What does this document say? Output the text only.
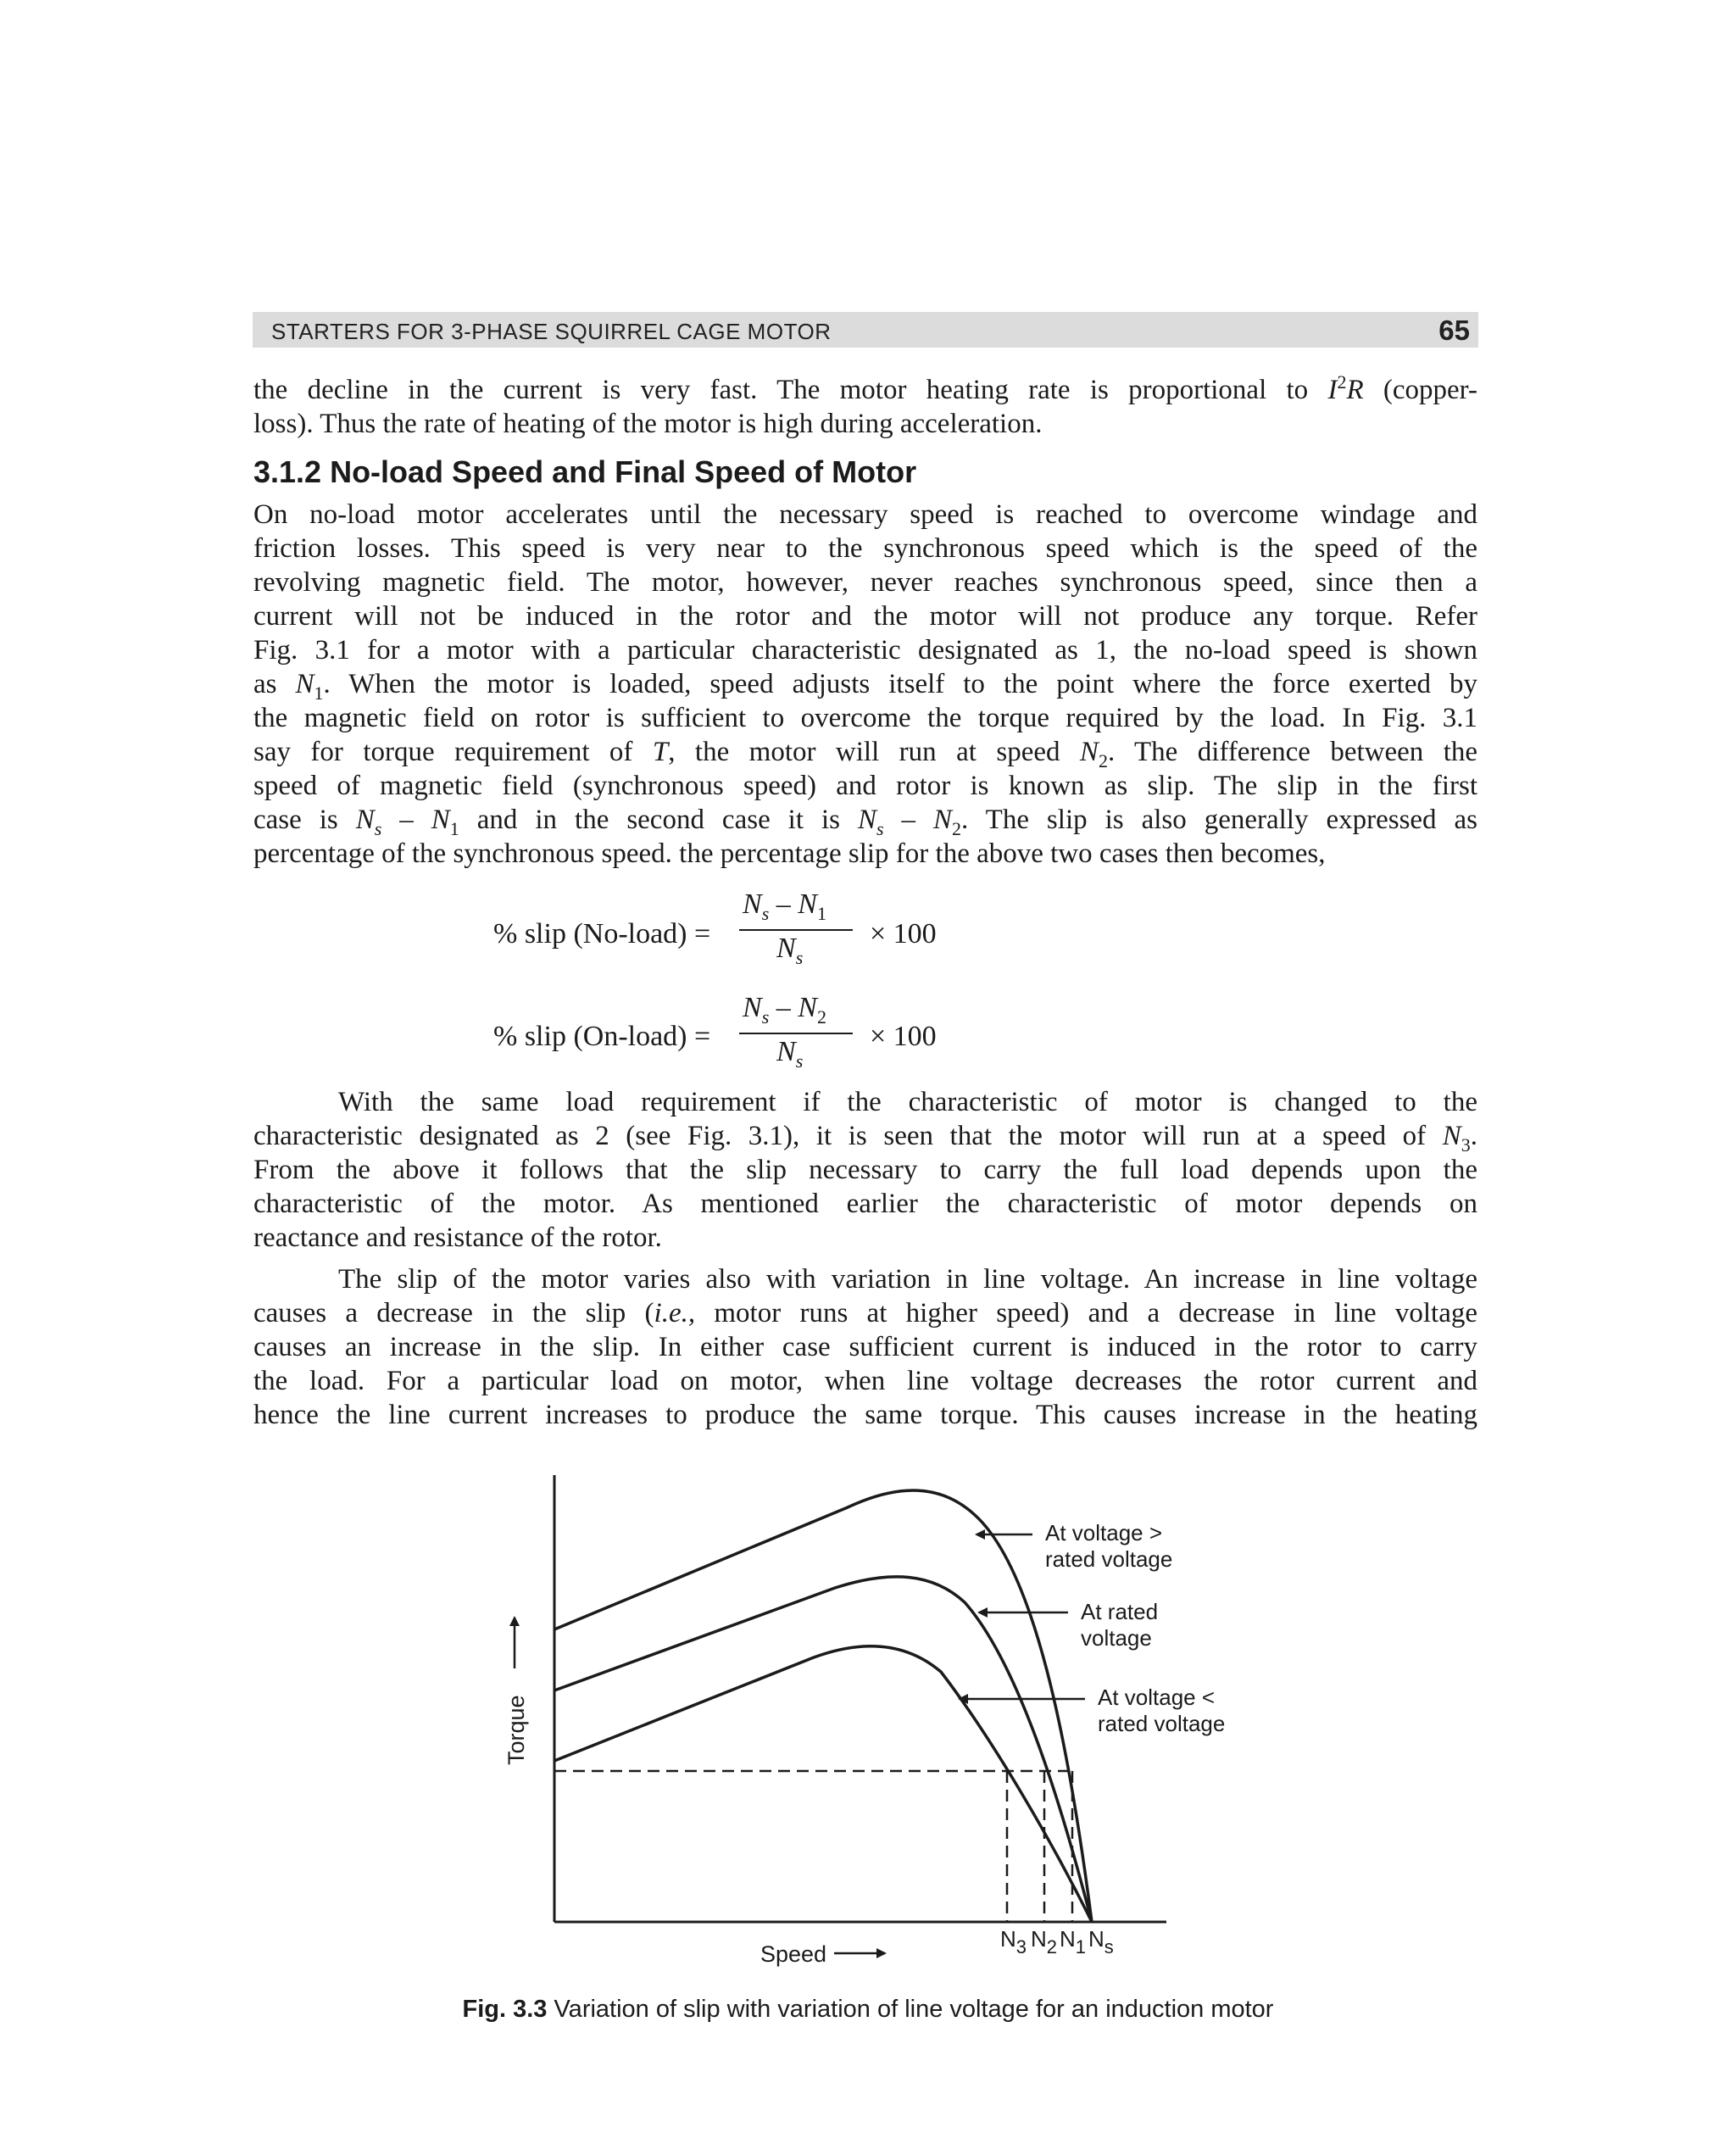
STARTERS FOR 3-PHASE SQUIRREL CAGE MOTOR	65
the decline in the current is very fast. The motor heating rate is proportional to $I^2R$ (copper-
loss). Thus the rate of heating of the motor is high during acceleration.
3.1.2 No-load Speed and Final Speed of Motor
On no-load motor accelerates until the necessary speed is reached to overcome windage and
friction losses. This speed is very near to the synchronous speed which is the speed of the
revolving magnetic field. The motor, however, never reaches synchronous speed, since then a
current will not be induced in the rotor and the motor will not produce any torque. Refer
Fig. 3.1 for a motor with a particular characteristic designated as 1, the no-load speed is shown
as $N_1$. When the motor is loaded, speed adjusts itself to the point where the force exerted by
the magnetic field on rotor is sufficient to overcome the torque required by the load. In Fig. 3.1
say for torque requirement of T, the motor will run at speed $N_2$. The difference between the
speed of magnetic field (synchronous speed) and rotor is known as slip. The slip in the first
case is $N_s - N_1$ and in the second case it is $N_s - N_2$. The slip is also generally expressed as
percentage of the synchronous speed. the percentage slip for the above two cases then becomes,
% slip (No-load) =
$N_s - N_1$
$N_s$
× 100
% slip (On-load) =
$N_s - N_2$
$N_s$
× 100
With the same load requirement if the characteristic of motor is changed to the
characteristic designated as 2 (see Fig. 3.1), it is seen that the motor will run at a speed of $N_3$.
From the above it follows that the slip necessary to carry the full load depends upon the
characteristic of the motor. As mentioned earlier the characteristic of motor depends on
reactance and resistance of the rotor.
The slip of the motor varies also with variation in line voltage. An increase in line voltage
causes a decrease in the slip (i.e., motor runs at higher speed) and a decrease in line voltage
causes an increase in the slip. In either case sufficient current is induced in the rotor to carry
the load. For a particular load on motor, when line voltage decreases the rotor current and
hence the line current increases to produce the same torque. This causes increase in the heating
Torque
Speed
At voltage >
rated voltage
At rated
voltage
At voltage <
rated voltage
$N_3$ $N_2$ $N_1$ $N_s$
Fig. 3.3 Variation of slip with variation of line voltage for an induction motor
